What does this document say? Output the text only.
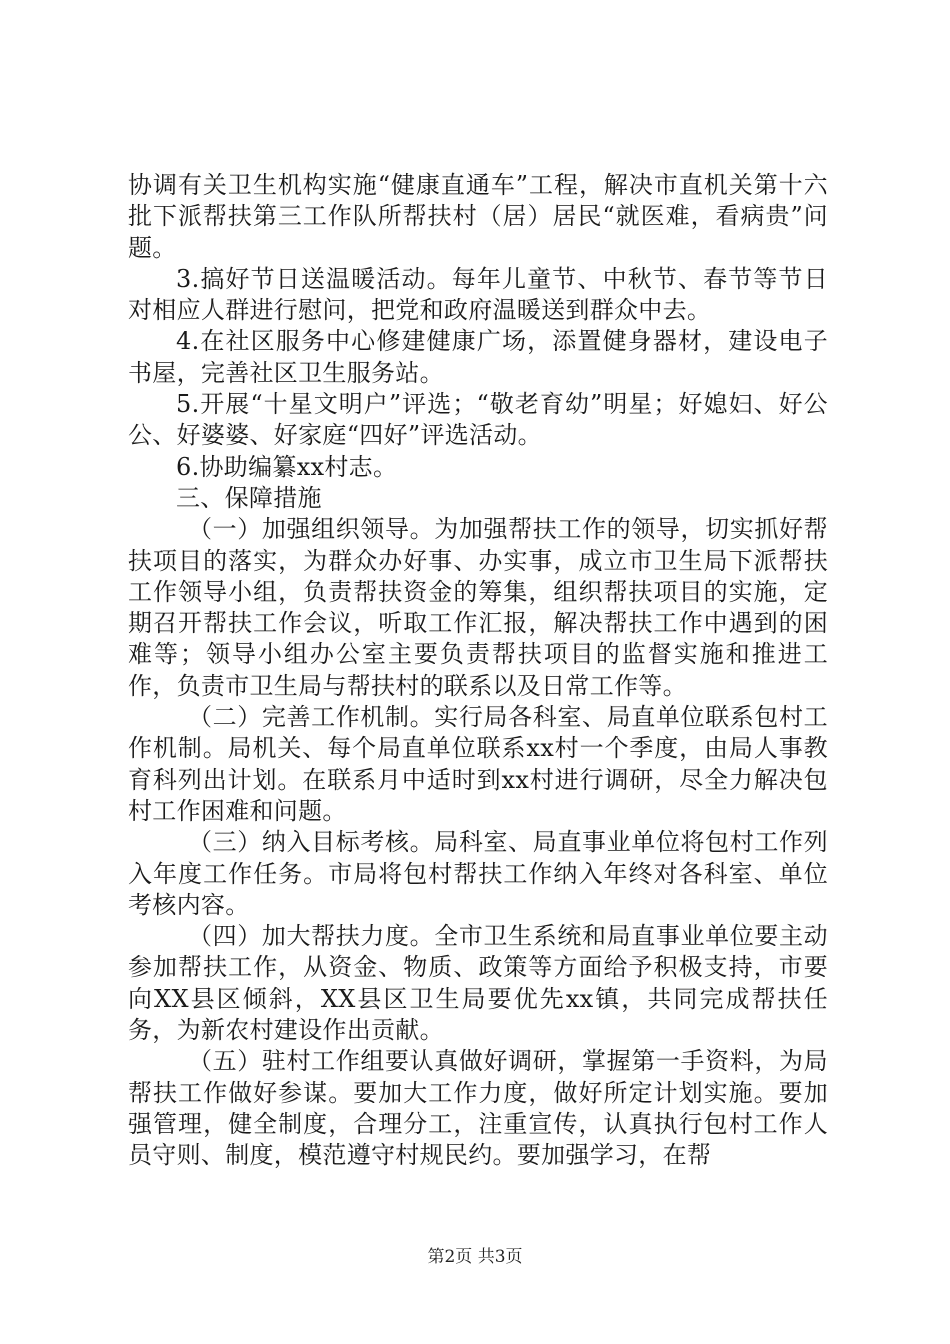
协调有关卫生机构实施“健康直通车”工程，解决市直机关第十六批下派帮扶第三工作队所帮扶村（居）居民“就医难，看病贵”问题。

3.搞好节日送温暖活动。每年儿童节、中秋节、春节等节日对相应人群进行慰问，把党和政府温暖送到群众中去。

4.在社区服务中心修建健康广场，添置健身器材，建设电子书屋，完善社区卫生服务站。

5.开展“十星文明户”评选；“敬老育幼”明星；好媳妇、好公公、好婆婆、好家庭“四好”评选活动。

6.协助编纂xx村志。

三、保障措施

（一）加强组织领导。为加强帮扶工作的领导，切实抓好帮扶项目的落实，为群众办好事、办实事，成立市卫生局下派帮扶工作领导小组，负责帮扶资金的筹集，组织帮扶项目的实施，定期召开帮扶工作会议，听取工作汇报，解决帮扶工作中遇到的困难等；领导小组办公室主要负责帮扶项目的监督实施和推进工作，负责市卫生局与帮扶村的联系以及日常工作等。

（二）完善工作机制。实行局各科室、局直单位联系包村工作机制。局机关、每个局直单位联系xx村一个季度，由局人事教育科列出计划。在联系月中适时到xx村进行调研，尽全力解决包村工作困难和问题。

（三）纳入目标考核。局科室、局直事业单位将包村工作列入年度工作任务。市局将包村帮扶工作纳入年终对各科室、单位考核内容。

（四）加大帮扶力度。全市卫生系统和局直事业单位要主动参加帮扶工作，从资金、物质、政策等方面给予积极支持，市要向XX县区倾斜，XX县区卫生局要优先xx镇，共同完成帮扶任务，为新农村建设作出贡献。

（五）驻村工作组要认真做好调研，掌握第一手资料，为局帮扶工作做好参谋。要加大工作力度，做好所定计划实施。要加强管理，健全制度，合理分工，注重宣传，认真执行包村工作人员守则、制度，模范遵守村规民约。要加强学习，在帮

第2页 共3页
